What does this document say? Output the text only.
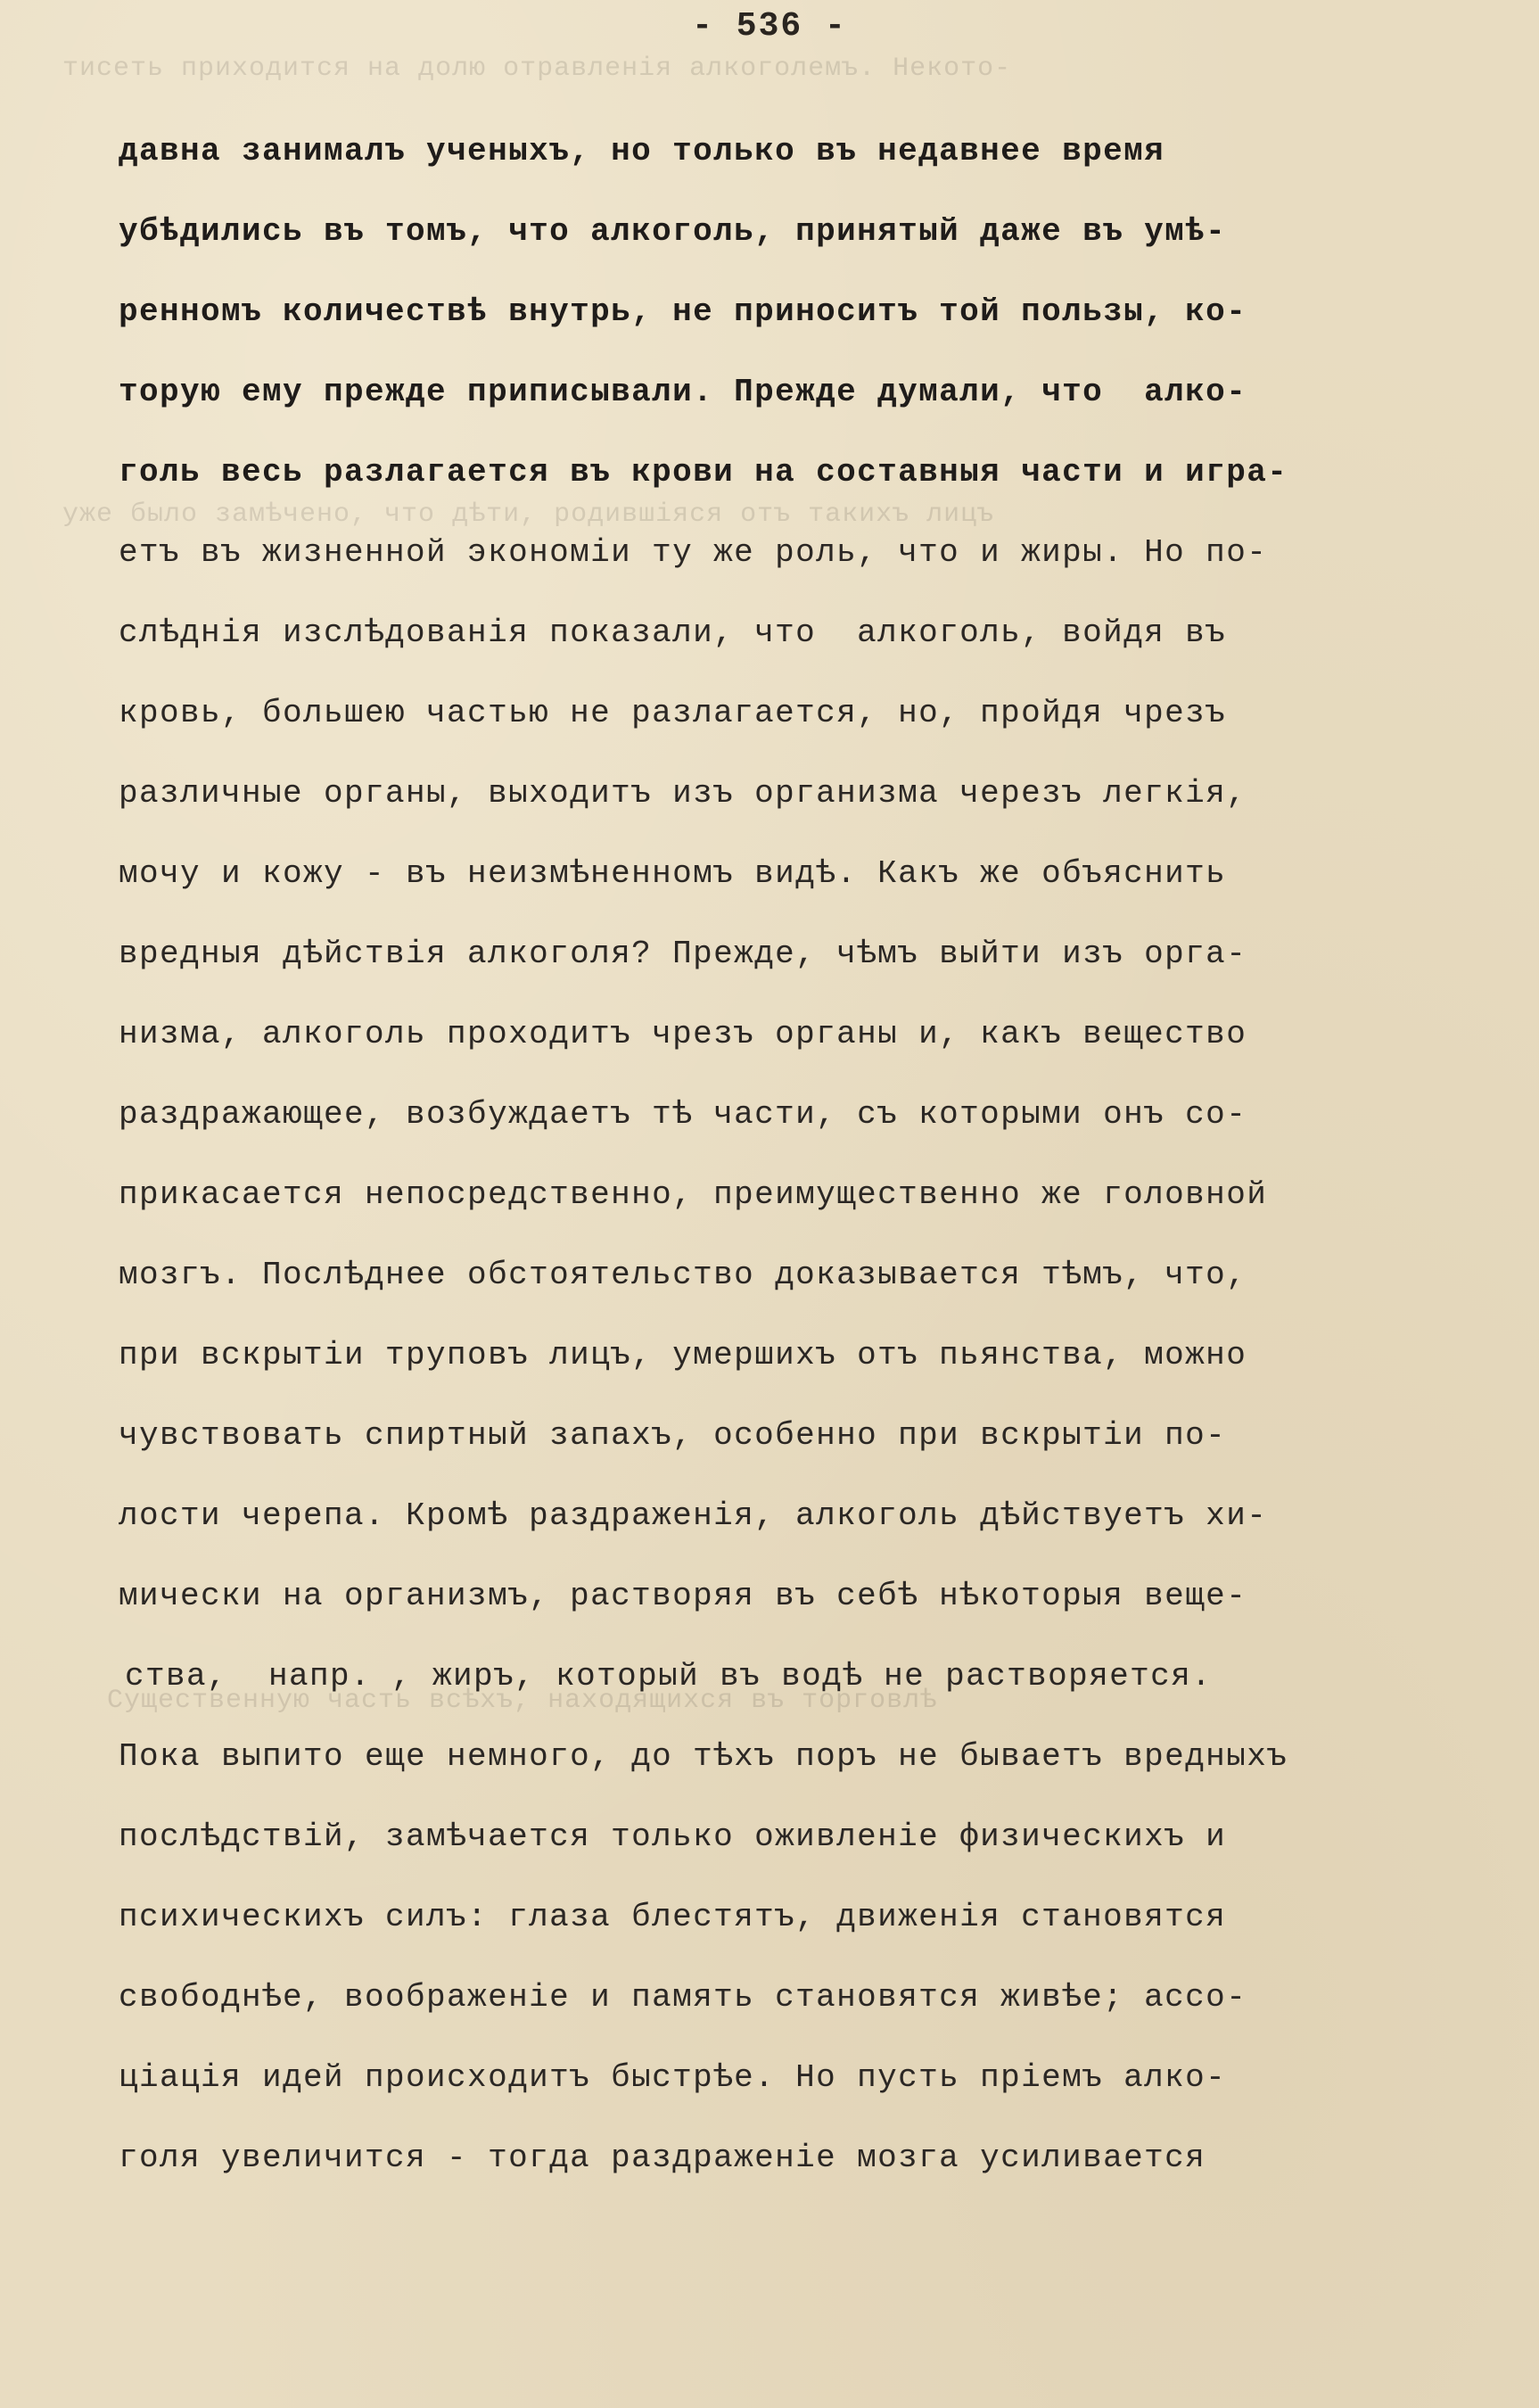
тисеть приходится на долю отравленія алкоголемъ. Некото-
уже было замѣчено, что дѣти, родившіяся отъ такихъ лицъ
Существенную часть всѣхъ, находящихся въ торговлѣ
- 536 -
давна занималъ ученыхъ, но только въ недавнее время
убѣдились въ томъ, что алкоголь, принятый даже въ умѣ-
ренномъ количествѣ внутрь, не приноситъ той пользы, ко-
торую ему прежде приписывали. Прежде думали, что  алко-
голь весь разлагается въ крови на составныя части и игра-
етъ въ жизненной экономіи ту же роль, что и жиры. Но по-
слѣднія изслѣдованія показали, что  алкоголь, войдя въ
кровь, большею частью не разлагается, но, пройдя чрезъ
различные органы, выходитъ изъ организма черезъ легкія,
мочу и кожу - въ неизмѣненномъ видѣ. Какъ же объяснить
вредныя дѣйствія алкоголя? Прежде, чѣмъ выйти изъ орга-
низма, алкоголь проходитъ чрезъ органы и, какъ вещество
раздражающее, возбуждаетъ тѣ части, съ которыми онъ со-
прикасается непосредственно, преимущественно же головной
мозгъ. Послѣднее обстоятельство доказывается тѣмъ, что,
при вскрытіи труповъ лицъ, умершихъ отъ пьянства, можно
чувствовать спиртный запахъ, особенно при вскрытіи по-
лости черепа. Кромѣ раздраженія, алкоголь дѣйствуетъ хи-
мически на организмъ, растворяя въ себѣ нѣкоторыя веще-
ства,  напр. , жиръ, который въ водѣ не растворяется.
Пока выпито еще немного, до тѣхъ поръ не бываетъ вредныхъ
послѣдствій, замѣчается только оживленіе физическихъ и
психическихъ силъ: глаза блестятъ, движенія становятся
свободнѣе, воображеніе и память становятся живѣе; ассо-
ціація идей происходитъ быстрѣе. Но пусть пріемъ алко-
голя увеличится - тогда раздраженіе мозга усиливается
